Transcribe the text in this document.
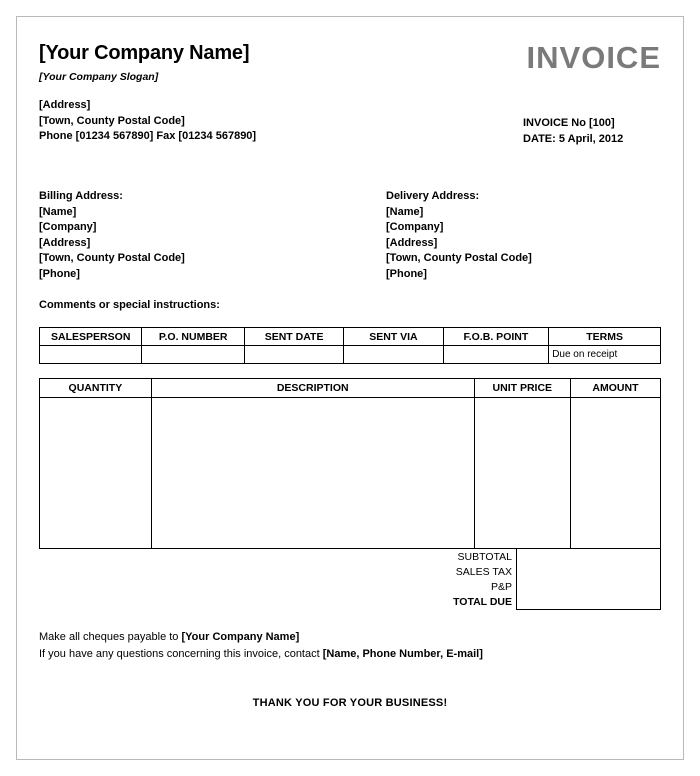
[Your Company Name]
[Your Company Slogan]
[Address]
[Town, County Postal Code]
Phone [01234 567890] Fax [01234 567890]
INVOICE
INVOICE No [100]
DATE: 5 April, 2012
Billing Address:
[Name]
[Company]
[Address]
[Town, County Postal Code]
[Phone]
Delivery Address:
[Name]
[Company]
[Address]
[Town, County Postal Code]
[Phone]
Comments or special instructions:
SALESPERSON	P.O. NUMBER	SENT DATE	SENT VIA	F.O.B. POINT	TERMS
					Due on receipt
QUANTITY	DESCRIPTION	UNIT PRICE	AMOUNT

SUBTOTAL	
SALES TAX	
P&P	
TOTAL DUE	
Make all cheques payable to [Your Company Name]
If you have any questions concerning this invoice, contact [Name, Phone Number, E-mail]
THANK YOU FOR YOUR BUSINESS!
